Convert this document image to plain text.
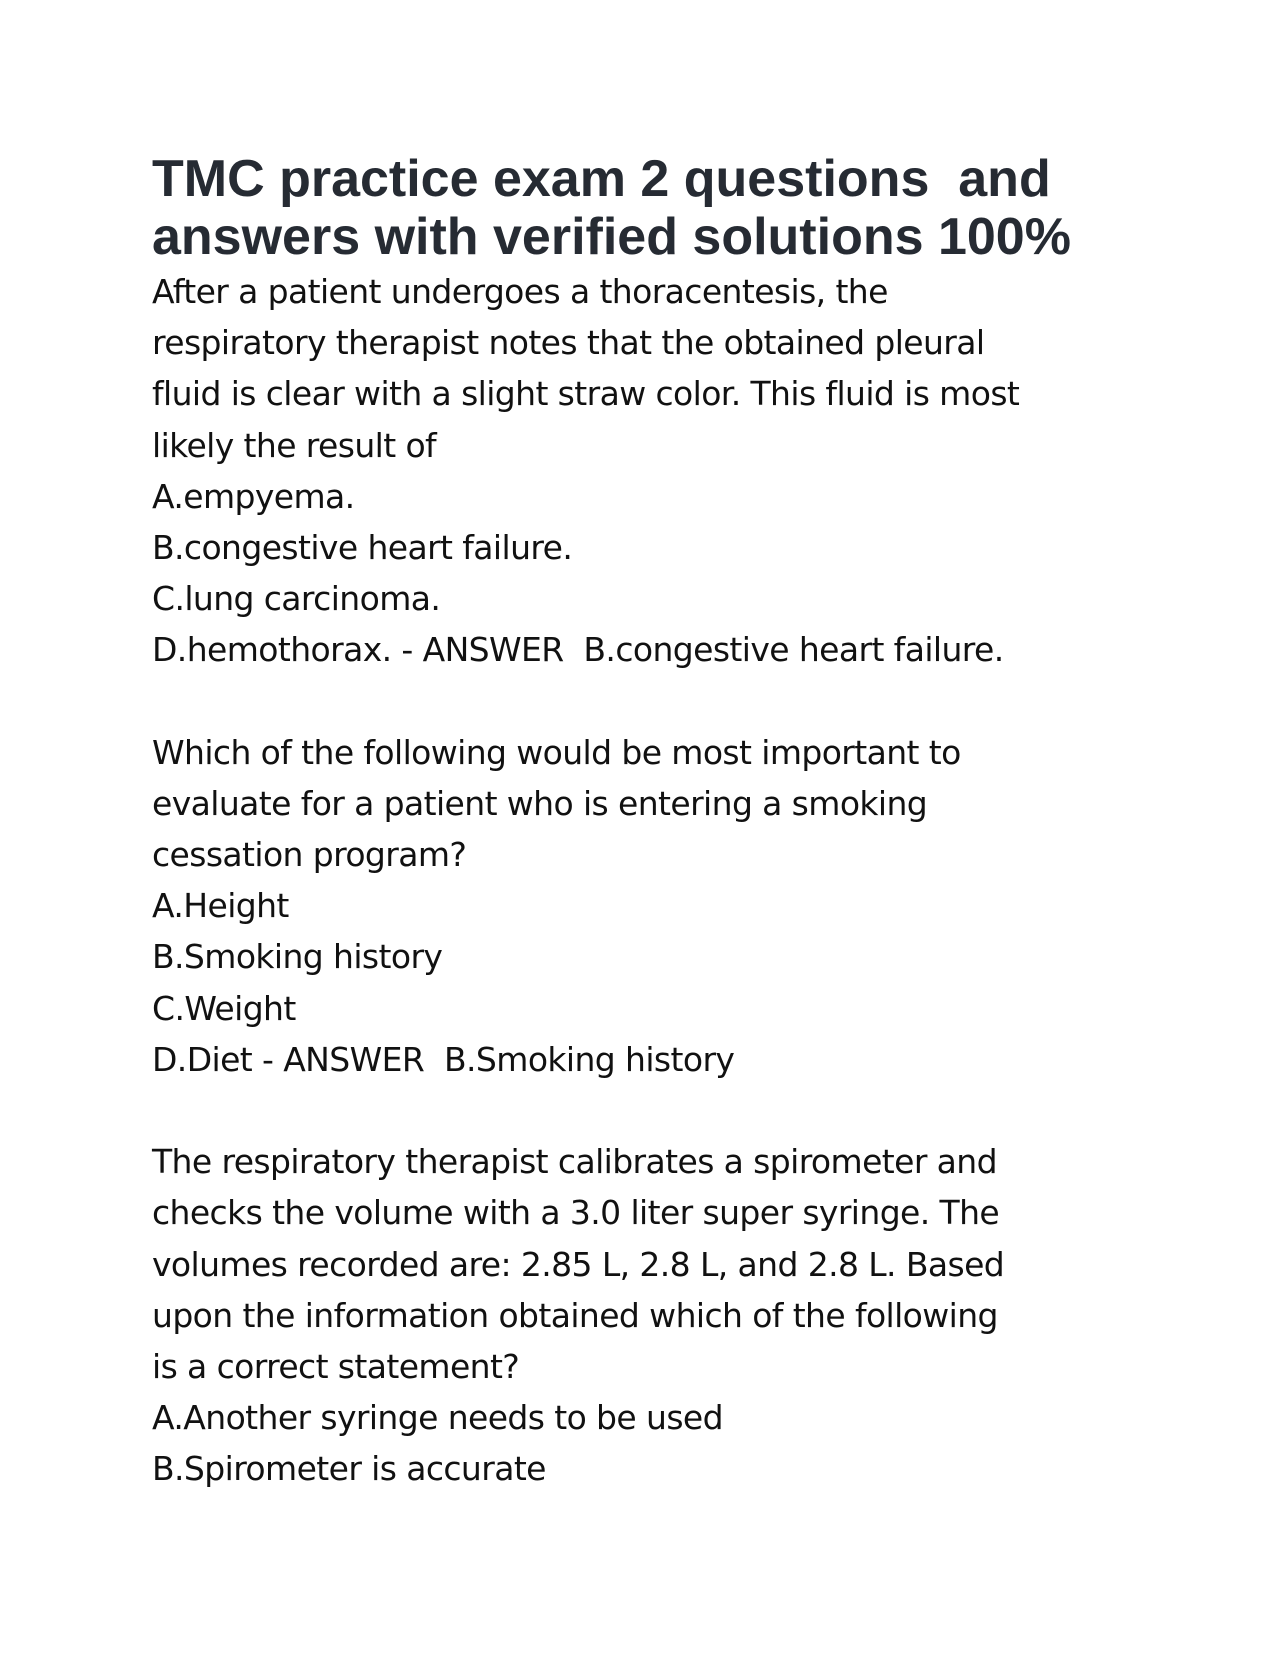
TMC practice exam 2 questions  and
answers with verified solutions 100%
After a patient undergoes a thoracentesis, the
respiratory therapist notes that the obtained pleural
fluid is clear with a slight straw color. This fluid is most
likely the result of
A.empyema.
B.congestive heart failure.
C.lung carcinoma.
D.hemothorax. - ANSWER  B.congestive heart failure.
Which of the following would be most important to
evaluate for a patient who is entering a smoking
cessation program?
A.Height
B.Smoking history
C.Weight
D.Diet - ANSWER  B.Smoking history
The respiratory therapist calibrates a spirometer and
checks the volume with a 3.0 liter super syringe. The
volumes recorded are: 2.85 L, 2.8 L, and 2.8 L. Based
upon the information obtained which of the following
is a correct statement?
A.Another syringe needs to be used
B.Spirometer is accurate
